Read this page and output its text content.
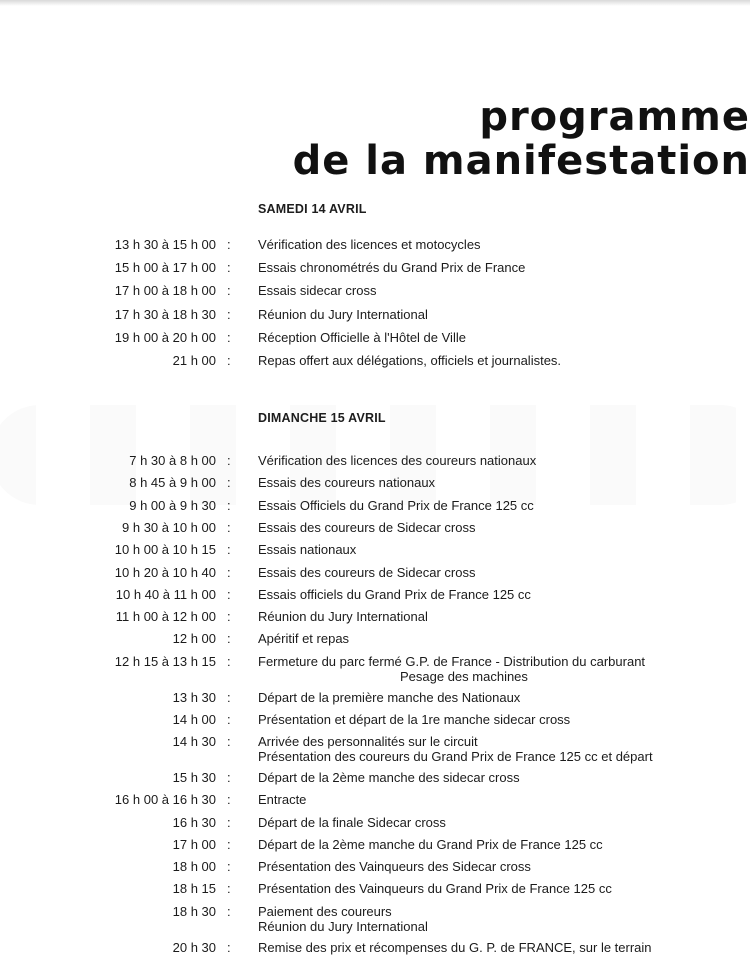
programme
de la manifestation
SAMEDI 14 AVRIL
13 h 30 à 15 h 00 : Vérification des licences et motocycles
15 h 00 à 17 h 00 : Essais chronométrés du Grand Prix de France
17 h 00 à 18 h 00 : Essais sidecar cross
17 h 30 à 18 h 30 : Réunion du Jury International
19 h 00 à 20 h 00 : Réception Officielle à l'Hôtel de Ville
21 h 00 : Repas offert aux délégations, officiels et journalistes.
DIMANCHE 15 AVRIL
7 h 30 à 8 h 00 : Vérification des licences des coureurs nationaux
8 h 45 à 9 h 00 : Essais des coureurs nationaux
9 h 00 à 9 h 30 : Essais Officiels du Grand Prix de France 125 cc
9 h 30 à 10 h 00 : Essais des coureurs de Sidecar cross
10 h 00 à 10 h 15 : Essais nationaux
10 h 20 à 10 h 40 : Essais des coureurs de Sidecar cross
10 h 40 à 11 h 00 : Essais officiels du Grand Prix de France 125 cc
11 h 00 à 12 h 00 : Réunion du Jury International
12 h 00 : Apéritif et repas
12 h 15 à 13 h 15 : Fermeture du parc fermé G.P. de France - Distribution du carburant
Pesage des machines
13 h 30 : Départ de la première manche des Nationaux
14 h 00 : Présentation et départ de la 1re manche sidecar cross
14 h 30 : Arrivée des personnalités sur le circuit
Présentation des coureurs du Grand Prix de France 125 cc et départ
15 h 30 : Départ de la 2ème manche des sidecar cross
16 h 00 à 16 h 30 : Entracte
16 h 30 : Départ de la finale Sidecar cross
17 h 00 : Départ de la 2ème manche du Grand Prix de France 125 cc
18 h 00 : Présentation des Vainqueurs des Sidecar cross
18 h 15 : Présentation des Vainqueurs du Grand Prix de France 125 cc
18 h 30 : Paiement des coureurs
Réunion du Jury International
20 h 30 : Remise des prix et récompenses du G. P. de FRANCE, sur le terrain
